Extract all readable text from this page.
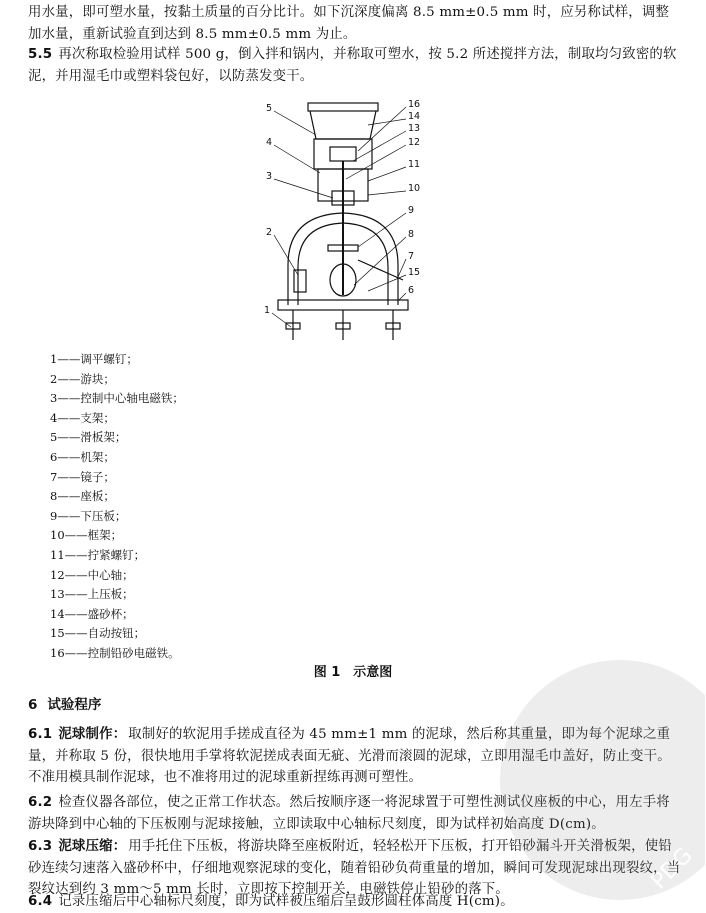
用水量，即可塑水量，按黏土质量的百分比计。如下沉深度偏离 8.5 mm±0.5 mm 时，应另称试样，调整加水量，重新试验直到达到 8.5 mm±0.5 mm 为止。

5.5 再次称取检验用试样 500 g，倒入拌和锅内，并称取可塑水，按 5.2 所述搅拌方法，制取均匀致密的软泥，并用湿毛巾或塑料袋包好，以防蒸发变干。

5
4
3
2
1
16
14
13
12
11
10
9
8
7
15
6

1——调平螺钉；

2——游块；

3——控制中心轴电磁铁；

4——支架；

5——滑板架；

6——机架；

7——镜子；

8——座板；

9——下压板；

10——框架；

11——拧紧螺钉；

12——中心轴；

13——上压板；

14——盛砂杯；

15——自动按钮；

16——控制铅砂电磁铁。

图 1　示意图
6 试验程序

6.1 泥球制作： 取制好的软泥用手搓成直径为 45 mm±1 mm 的泥球，然后称其重量，即为每个泥球之重量，并称取 5 份，很快地用手掌将软泥搓成表面无疵、光滑而滚圆的泥球，立即用湿毛巾盖好，防止变干。不准用模具制作泥球，也不准将用过的泥球重新捏练再测可塑性。

6.2 检查仪器各部位，使之正常工作状态。然后按顺序逐一将泥球置于可塑性测试仪座板的中心，用左手将游块降到中心轴的下压板刚与泥球接触，立即读取中心轴标尺刻度，即为试样初始高度 D(cm)。

6.3 泥球压缩： 用手托住下压板，将游块降至座板附近，轻轻松开下压板，打开铅砂漏斗开关滑板架，使铅砂连续匀速落入盛砂杯中，仔细地观察泥球的变化，随着铅砂负荷重量的增加，瞬间可发现泥球出现裂纹，当裂纹达到约 3 mm～5 mm 长时，立即按下控制开关，电磁铁停止铅砂的落下。

6.4 记录压缩后中心轴标尺刻度，即为试样被压缩后呈鼓形圆柱体高度 H(cm)。

PDG
